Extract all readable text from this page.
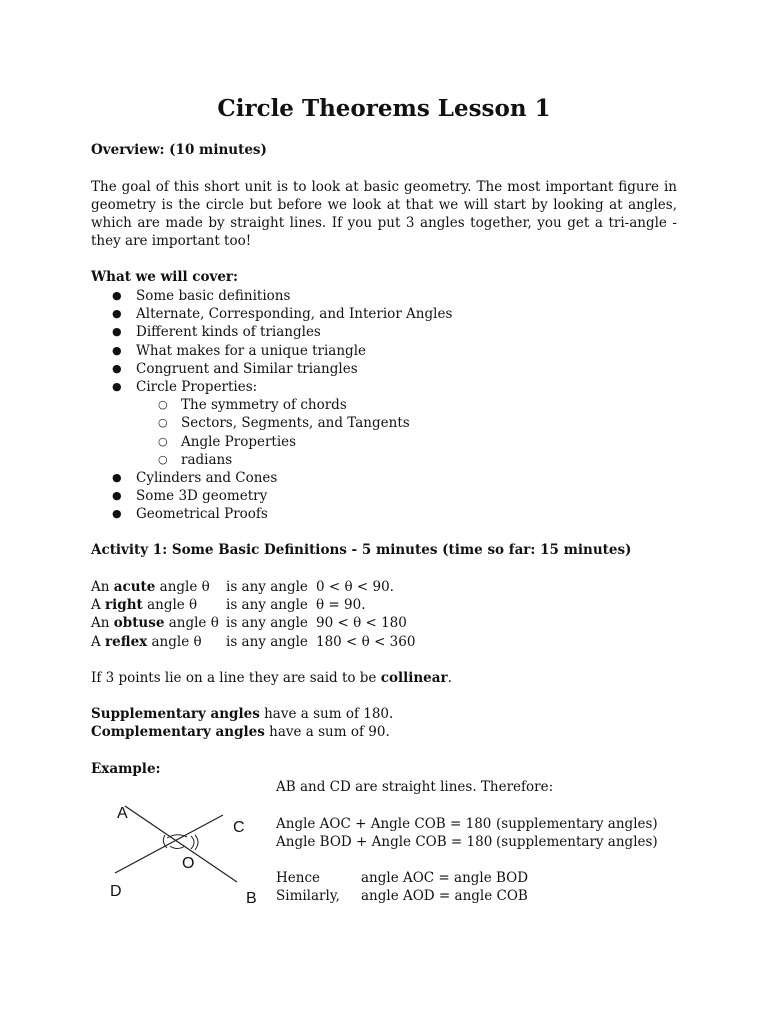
Circle Theorems Lesson 1
Overview: (10 minutes)
The goal of this short unit is to look at basic geometry. The most important figure in geometry is the circle but before we look at that we will start by looking at angles, which are made by straight lines. If you put 3 angles together, you get a tri-angle - they are important too!
What we will cover:
● Some basic definitions
● Alternate, Corresponding, and Interior Angles
● Different kinds of triangles
● What makes for a unique triangle
● Congruent and Similar triangles
● Circle Properties:
○ The symmetry of chords
○ Sectors, Segments, and Tangents
○ Angle Properties
○ radians
● Cylinders and Cones
● Some 3D geometry
● Geometrical Proofs
Activity 1: Some Basic Definitions - 5 minutes (time so far: 15 minutes)
An acute angle θ is any angle 0 < θ < 90.
A right angle θ is any angle θ = 90.
An obtuse angle θ is any angle 90 < θ < 180
A reflex angle θ is any angle 180 < θ < 360
If 3 points lie on a line they are said to be collinear.
Supplementary angles have a sum of 180.
Complementary angles have a sum of 90.
Example:
AB and CD are straight lines. Therefore:
Angle AOC + Angle COB = 180 (supplementary angles)
Angle BOD + Angle COB = 180 (supplementary angles)
Hence	angle AOC = angle BOD
Similarly, angle AOD = angle COB
A
C
O
D	B
